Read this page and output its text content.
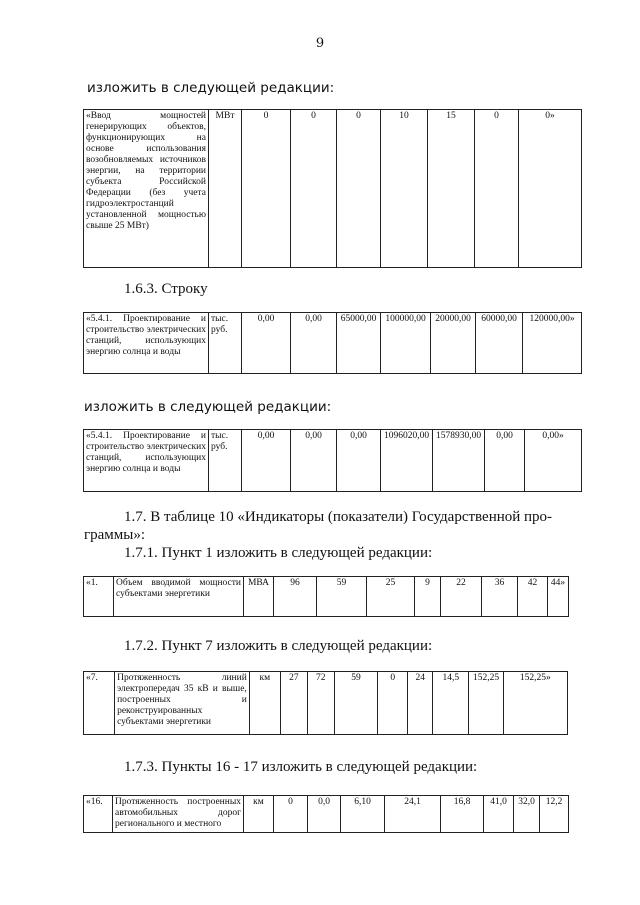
9
изложить в следующей редакции:
«Ввод мощностей генерирующих объектов, функционирующих на основе использования возобновляемых источников энергии, на территории субъекта Российской Федерации (без учета гидроэлектростанций установленной мощностью свыше 25 МВт)	МВт	0	0	0	10	15	0	0»
1.6.3. Строку
«5.4.1. Проектирование и строительство электрических станций, использующих энергию солнца и воды	тыс. руб.	0,00	0,00	65000,00	100000,00	20000,00	60000,00	120000,00»
изложить в следующей редакции:
«5.4.1. Проектирование и строительство электрических станций, использующих энергию солнца и воды	тыс. руб.	0,00	0,00	0,00	1096020,00	1578930,00	0,00	0,00»
1.7. В таблице 10 «Индикаторы (показатели) Государственной про-
граммы»:
1.7.1. Пункт 1 изложить в следующей редакции:
«1.	Объем вводимой мощности субъектами энергетики	МВА	96	59	25	9	22	36	42	44»
1.7.2. Пункт 7 изложить в следующей редакции:
«7.	Протяженность линий электропередач 35 кВ и выше, построенных и реконструированных субъектами энергетики	км	27	72	59	0	24	14,5	152,25	152,25»
1.7.3. Пункты 16 - 17 изложить в следующей редакции:
«16.	Протяженность построенных автомобильных дорог регионального и местного	км	0	0,0	6,10	24,1	16,8	41,0	32,0	12,2
